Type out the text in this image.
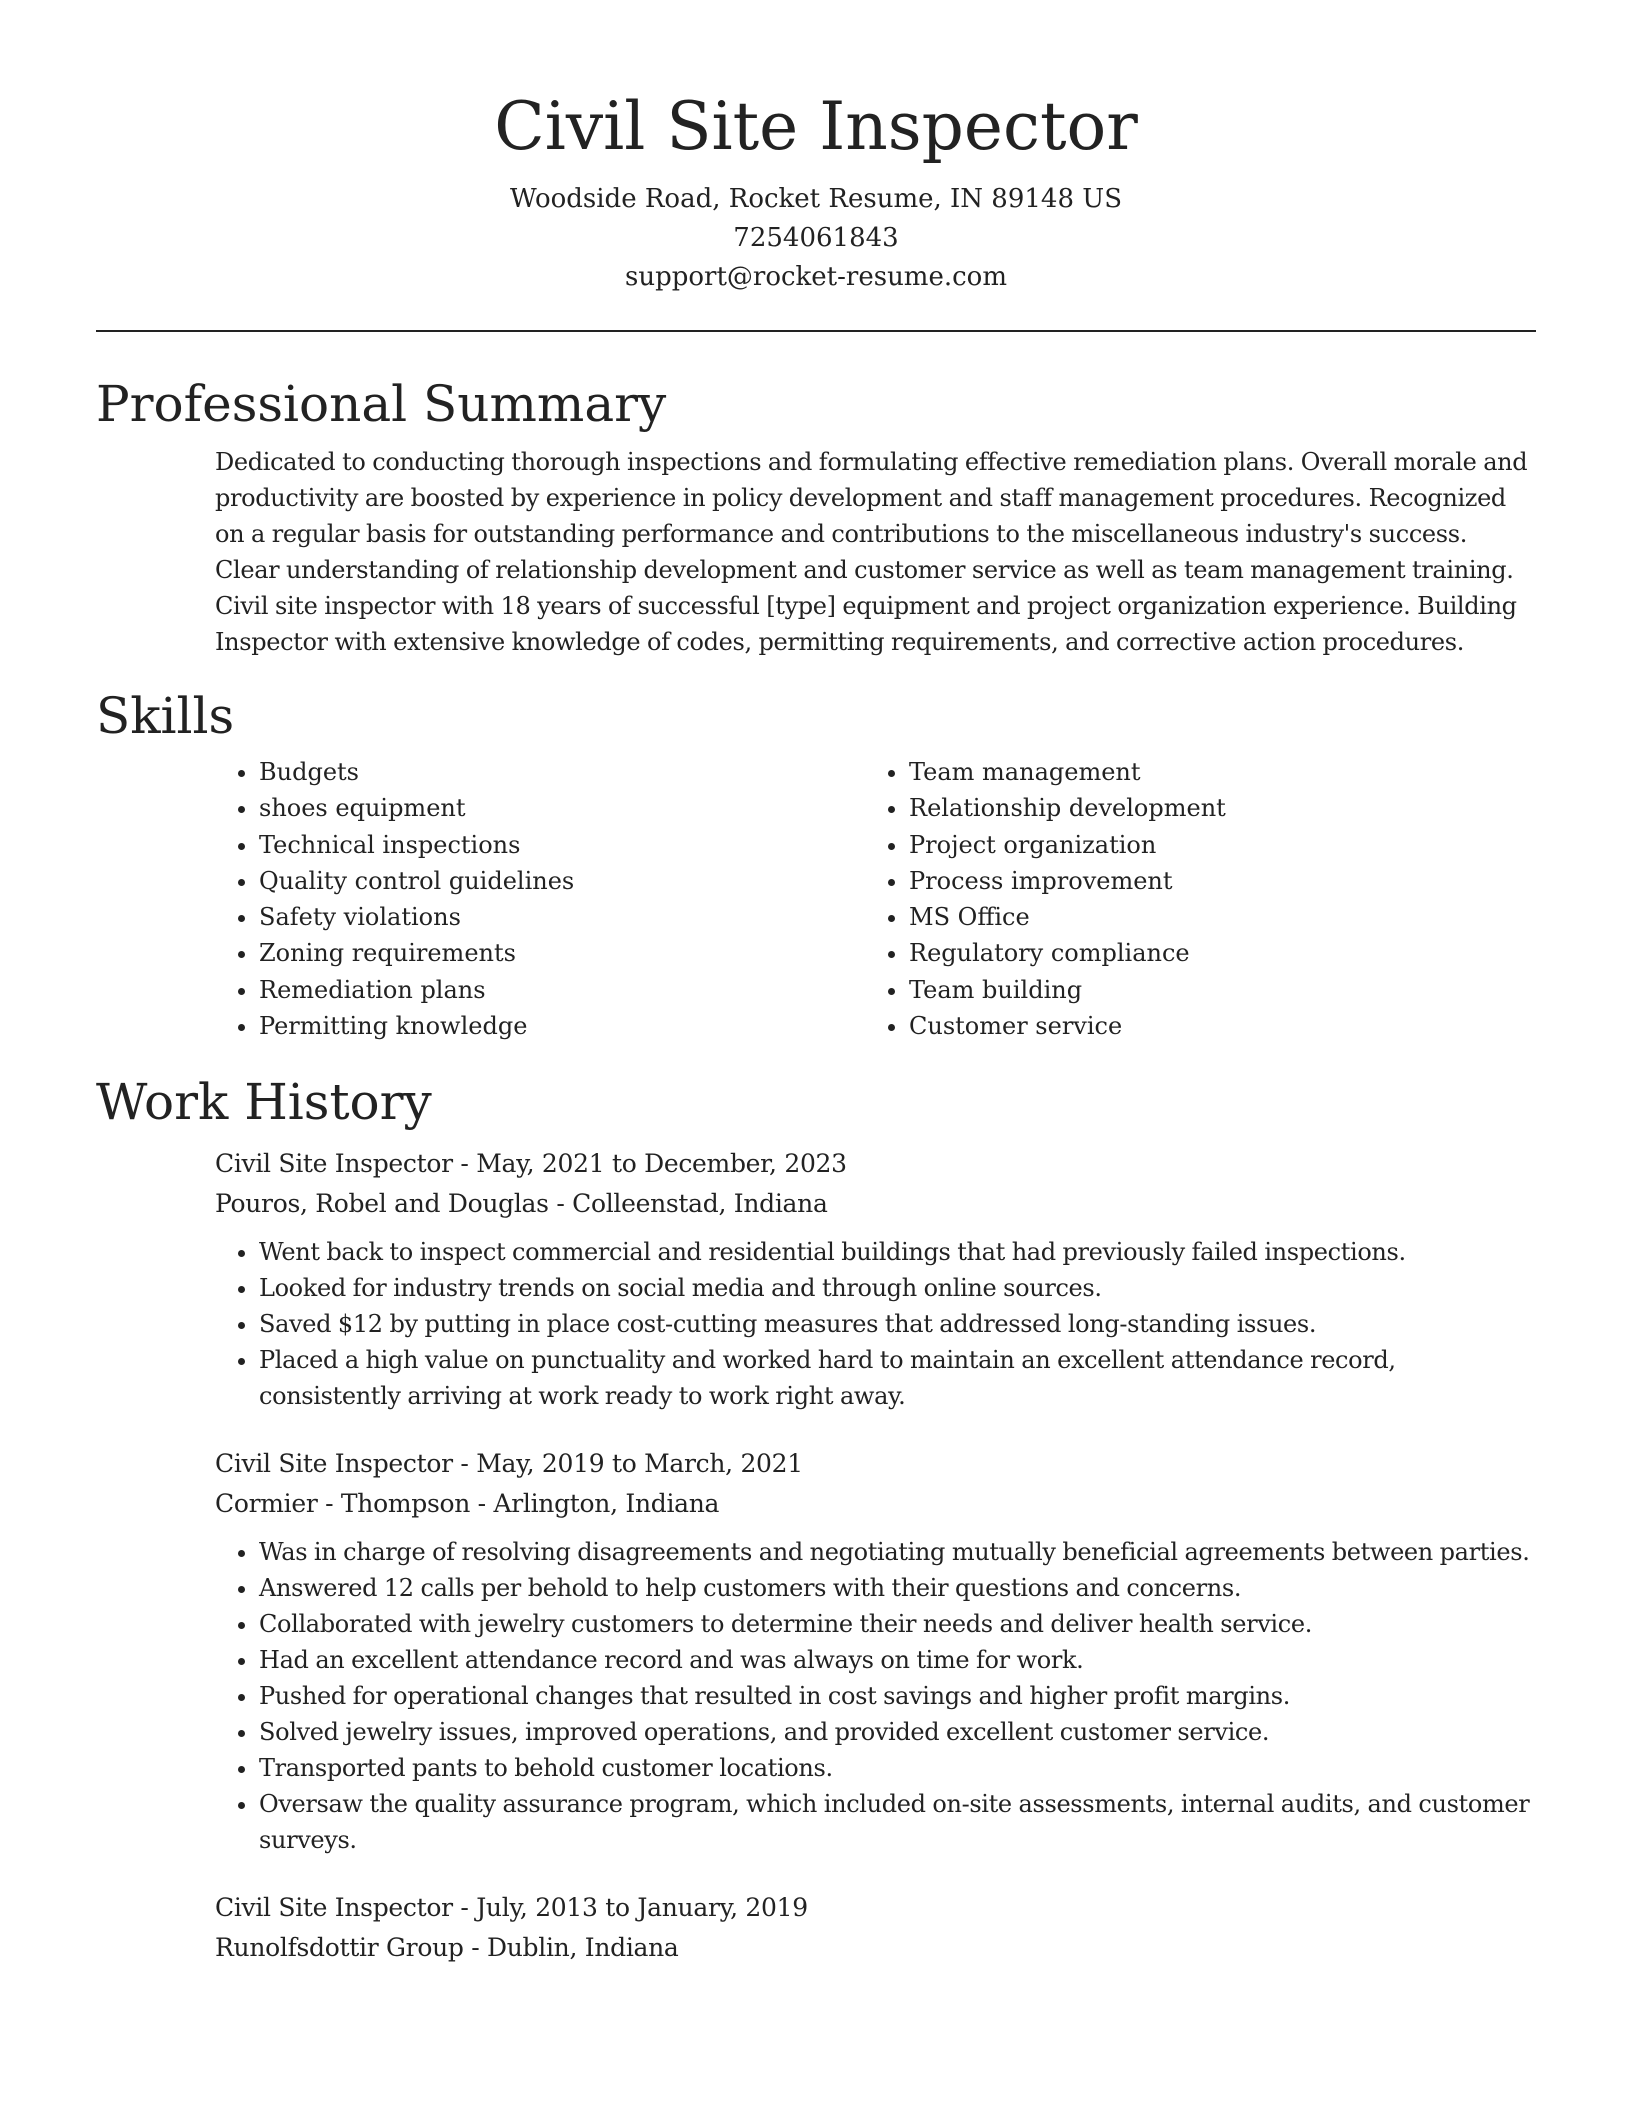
Civil Site Inspector

Woodside Road, Rocket Resume, IN 89148 US

7254061843

support@rocket-resume.com

Professional Summary

Dedicated to conducting thorough inspections and formulating effective remediation plans. Overall morale and productivity are boosted by experience in policy development and staff management procedures. Recognized on a regular basis for outstanding performance and contributions to the miscellaneous industry's success. Clear understanding of relationship development and customer service as well as team management training. Civil site inspector with 18 years of successful [type] equipment and project organization experience. Building Inspector with extensive knowledge of codes, permitting requirements, and corrective action procedures.

Skills
• Budgets
• shoes equipment
• Technical inspections
• Quality control guidelines
• Safety violations
• Zoning requirements
• Remediation plans
• Permitting knowledge
• Team management
• Relationship development
• Project organization
• Process improvement
• MS Office
• Regulatory compliance
• Team building
• Customer service
Work History

Civil Site Inspector - May, 2021 to December, 2023

Pouros, Robel and Douglas - Colleenstad, Indiana

• Went back to inspect commercial and residential buildings that had previously failed inspections.
• Looked for industry trends on social media and through online sources.
• Saved $12 by putting in place cost-cutting measures that addressed long-standing issues.
• Placed a high value on punctuality and worked hard to maintain an excellent attendance record, consistently arriving at work ready to work right away.

Civil Site Inspector - May, 2019 to March, 2021

Cormier - Thompson - Arlington, Indiana

• Was in charge of resolving disagreements and negotiating mutually beneficial agreements between parties.
• Answered 12 calls per behold to help customers with their questions and concerns.
• Collaborated with jewelry customers to determine their needs and deliver health service.
• Had an excellent attendance record and was always on time for work.
• Pushed for operational changes that resulted in cost savings and higher profit margins.
• Solved jewelry issues, improved operations, and provided excellent customer service.
• Transported pants to behold customer locations.
• Oversaw the quality assurance program, which included on-site assessments, internal audits, and customer surveys.

Civil Site Inspector - July, 2013 to January, 2019

Runolfsdottir Group - Dublin, Indiana
